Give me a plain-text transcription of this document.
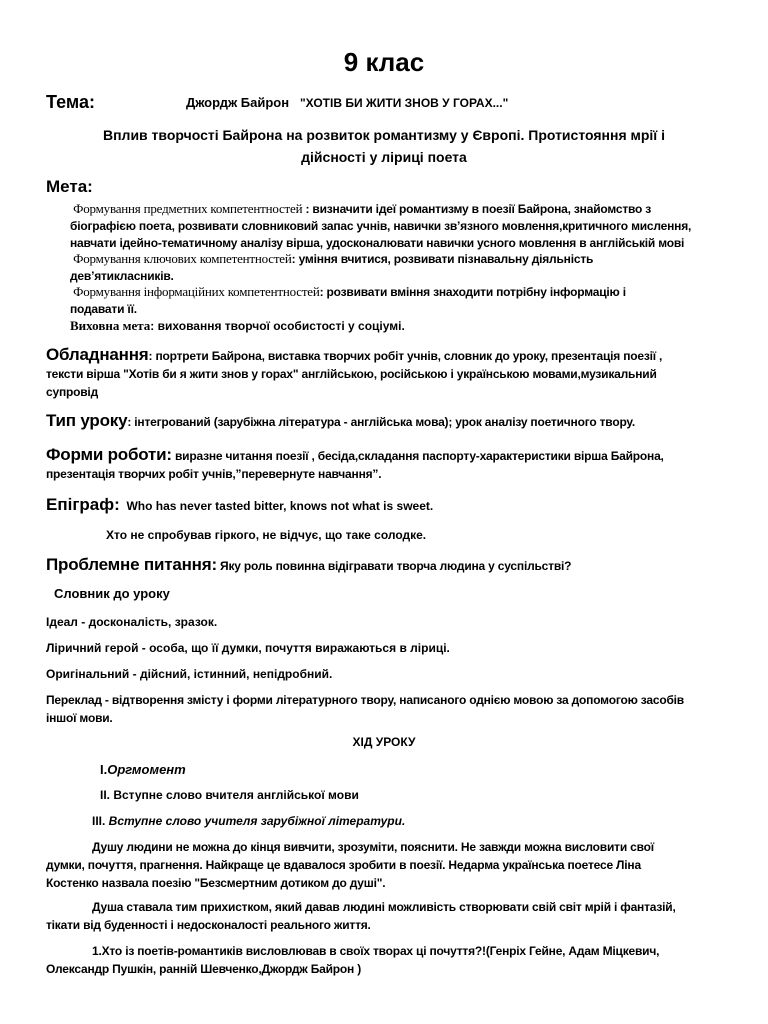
9 клас
Тема:	Джордж Байрон "ХОТІВ БИ ЖИТИ ЗНОВ У ГОРАХ..."
Вплив творчості Байрона на розвиток романтизму у Європі. Протистояння мрії і
дійсності у ліриці поета
Мета:
Формування предметних компетентностей : визначити ідеї романтизму в поезії Байрона, знайомство з
біографією поета, розвивати словниковий запас учнів, навички звʼязного мовлення,критичного мислення,
навчати ідейно-тематичному аналізу вірша, удосконалювати навички усного мовлення в англійській мові
Формування ключових компетентностей: уміння вчитися, розвивати пізнавальну діяльність
девʼятикласників.
Формування інформаційних компетентностей: розвивати вміння знаходити потрібну інформацію і
подавати її.
Виховна мета: виховання творчої особистості у соціумі.
Обладнання: портрети Байрона, виставка творчих робіт учнів, словник до уроку, презентація поезії ,
тексти вірша "Хотів би я жити знов у горах" англійською, російською і українською мовами,музикальний
супровід
Тип уроку: інтегрований (зарубіжна література - англійська мова); урок аналізу поетичного твору.
Форми роботи: виразне читання поезії , бесіда,складання паспорту-характеристики вірша Байрона,
презентація творчих робіт учнів,”перевернуте навчання”.
Епіграф: Who has never tasted bitter, knows not what is sweet.
Хто не спробував гіркого, не відчує, що таке солодке.
Проблемне питання: Яку роль повинна відігравати творча людина у суспільстві?
Словник до уроку
Ідеал - досконалість, зразок.
Ліричний герой - особа, що її думки, почуття виражаються в ліриці.
Оригінальний - дійсний, істинний, непідробний.
Переклад - відтворення змісту і форми літературного твору, написаного однією мовою за допомогою засобів
іншої мови.
ХІД УРОКУ
I.Оргмомент
II. Вступне слово вчителя англійської мови
III. Вступне слово учителя зарубіжної літератури.
Душу людини не можна до кінця вивчити, зрозуміти, пояснити. Не завжди можна висловити свої
думки, почуття, прагнення. Найкраще це вдавалося зробити в поезії. Недарма українська поетесе Ліна
Костенко назвала поезію "Безсмертним дотиком до душі".
Душа ставала тим прихистком, який давав людині можливість створювати свій світ мрій і фантазій,
тікати від буденності і недосконалості реального життя.
1.Хто із поетів-романтиків висловлював в своїх творах ці почуття?!(Генріх Гейне, Адам Міцкевич,
Олександр Пушкін, ранній Шевченко,Джордж Байрон )
